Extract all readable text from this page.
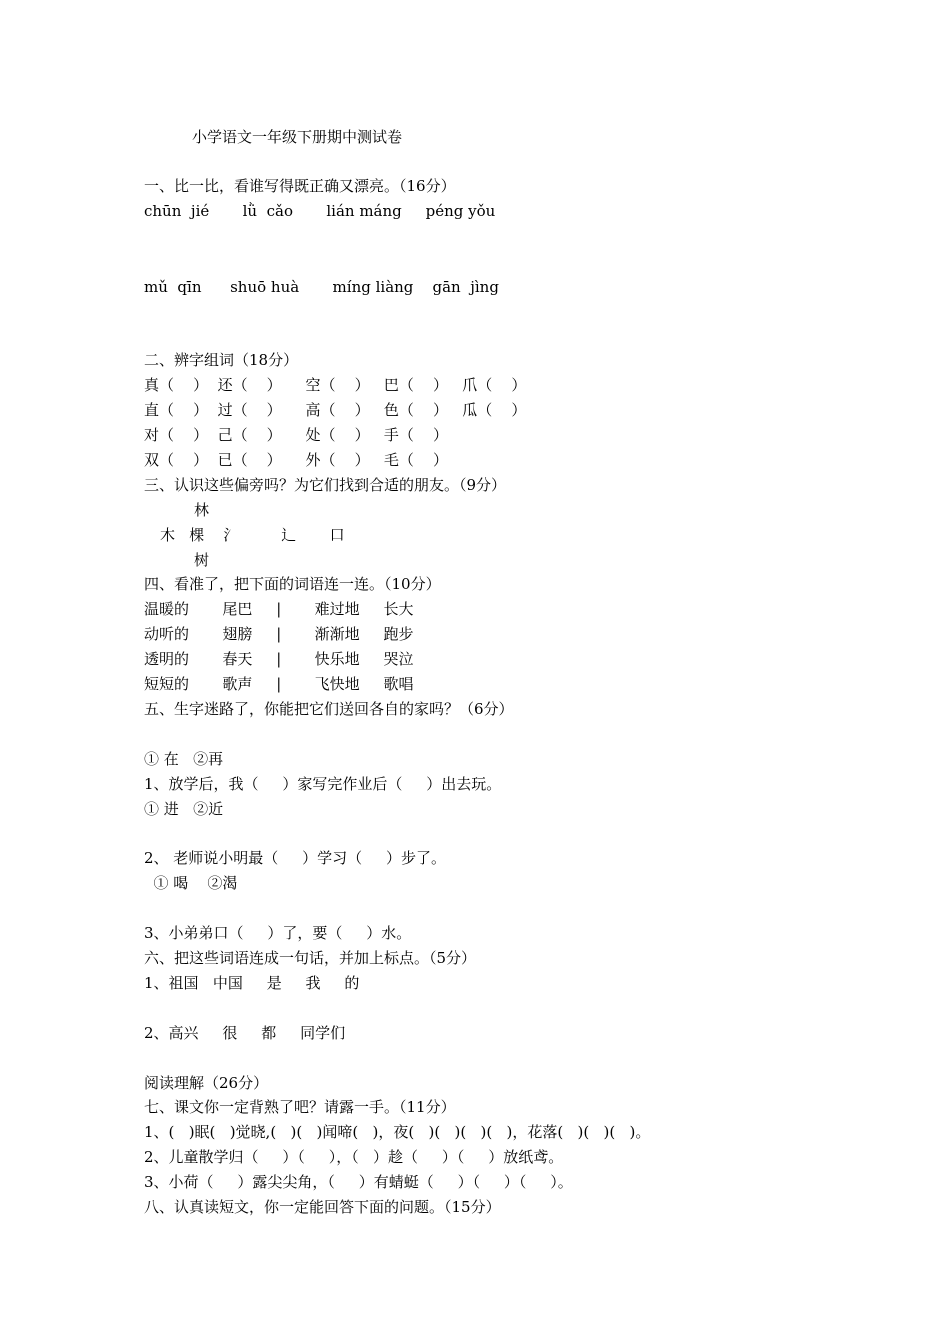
小学语文一年级下册期中测试卷
一、比一比，看谁写得既正确又漂亮。（16分）
chūn  jié       lǜ  cǎo       lián máng     péng yǒu
mǔ  qīn      shuō huà       míng liàng    gān  jìng
二、辨字组词（18分）
真（    ）  还（    ）     空（    ）   巴（    ）   爪（    ）
直（    ）  过（    ）     高（    ）   色（    ）   瓜（    ）
对（    ）  己（    ）     处（    ）   手（    ）
双（    ）  已（    ）     外（    ）   毛（    ）
三、认识这些偏旁吗？为它们找到合适的朋友。（9分）
林
木   棵    氵         辶       口
树
四、看准了，把下面的词语连一连。（10分）
温暖的       尾巴     |       难过地     长大
动听的       翅膀     |       渐渐地     跑步
透明的       春天     |       快乐地     哭泣
短短的       歌声     |       飞快地     歌唱
五、生字迷路了，你能把它们送回各自的家吗？（6分）
① 在   ②再
1、放学后，我（     ）家写完作业后（     ）出去玩。
① 进   ②近
2、 老师说小明最（     ）学习（     ）步了。
① 喝    ②渴
3、小弟弟口（     ）了，要（     ）水。
六、把这些词语连成一句话，并加上标点。（5分）
1、祖国   中国     是     我     的
2、高兴     很     都     同学们
阅读理解（26分）
七、课文你一定背熟了吧？请露一手。（11分）
1、(   )眠(   )觉晓,(   )(   )闻啼(   )，夜(   )(   )(   )(   )，花落(   )(   )(   )。
2、儿童散学归（     ）（     ），（   ）趁（     ）（     ）放纸鸢。
3、小荷（     ）露尖尖角，（     ）有蜻蜓（     ）（     ）（     ）。
八、认真读短文，你一定能回答下面的问题。（15分）
